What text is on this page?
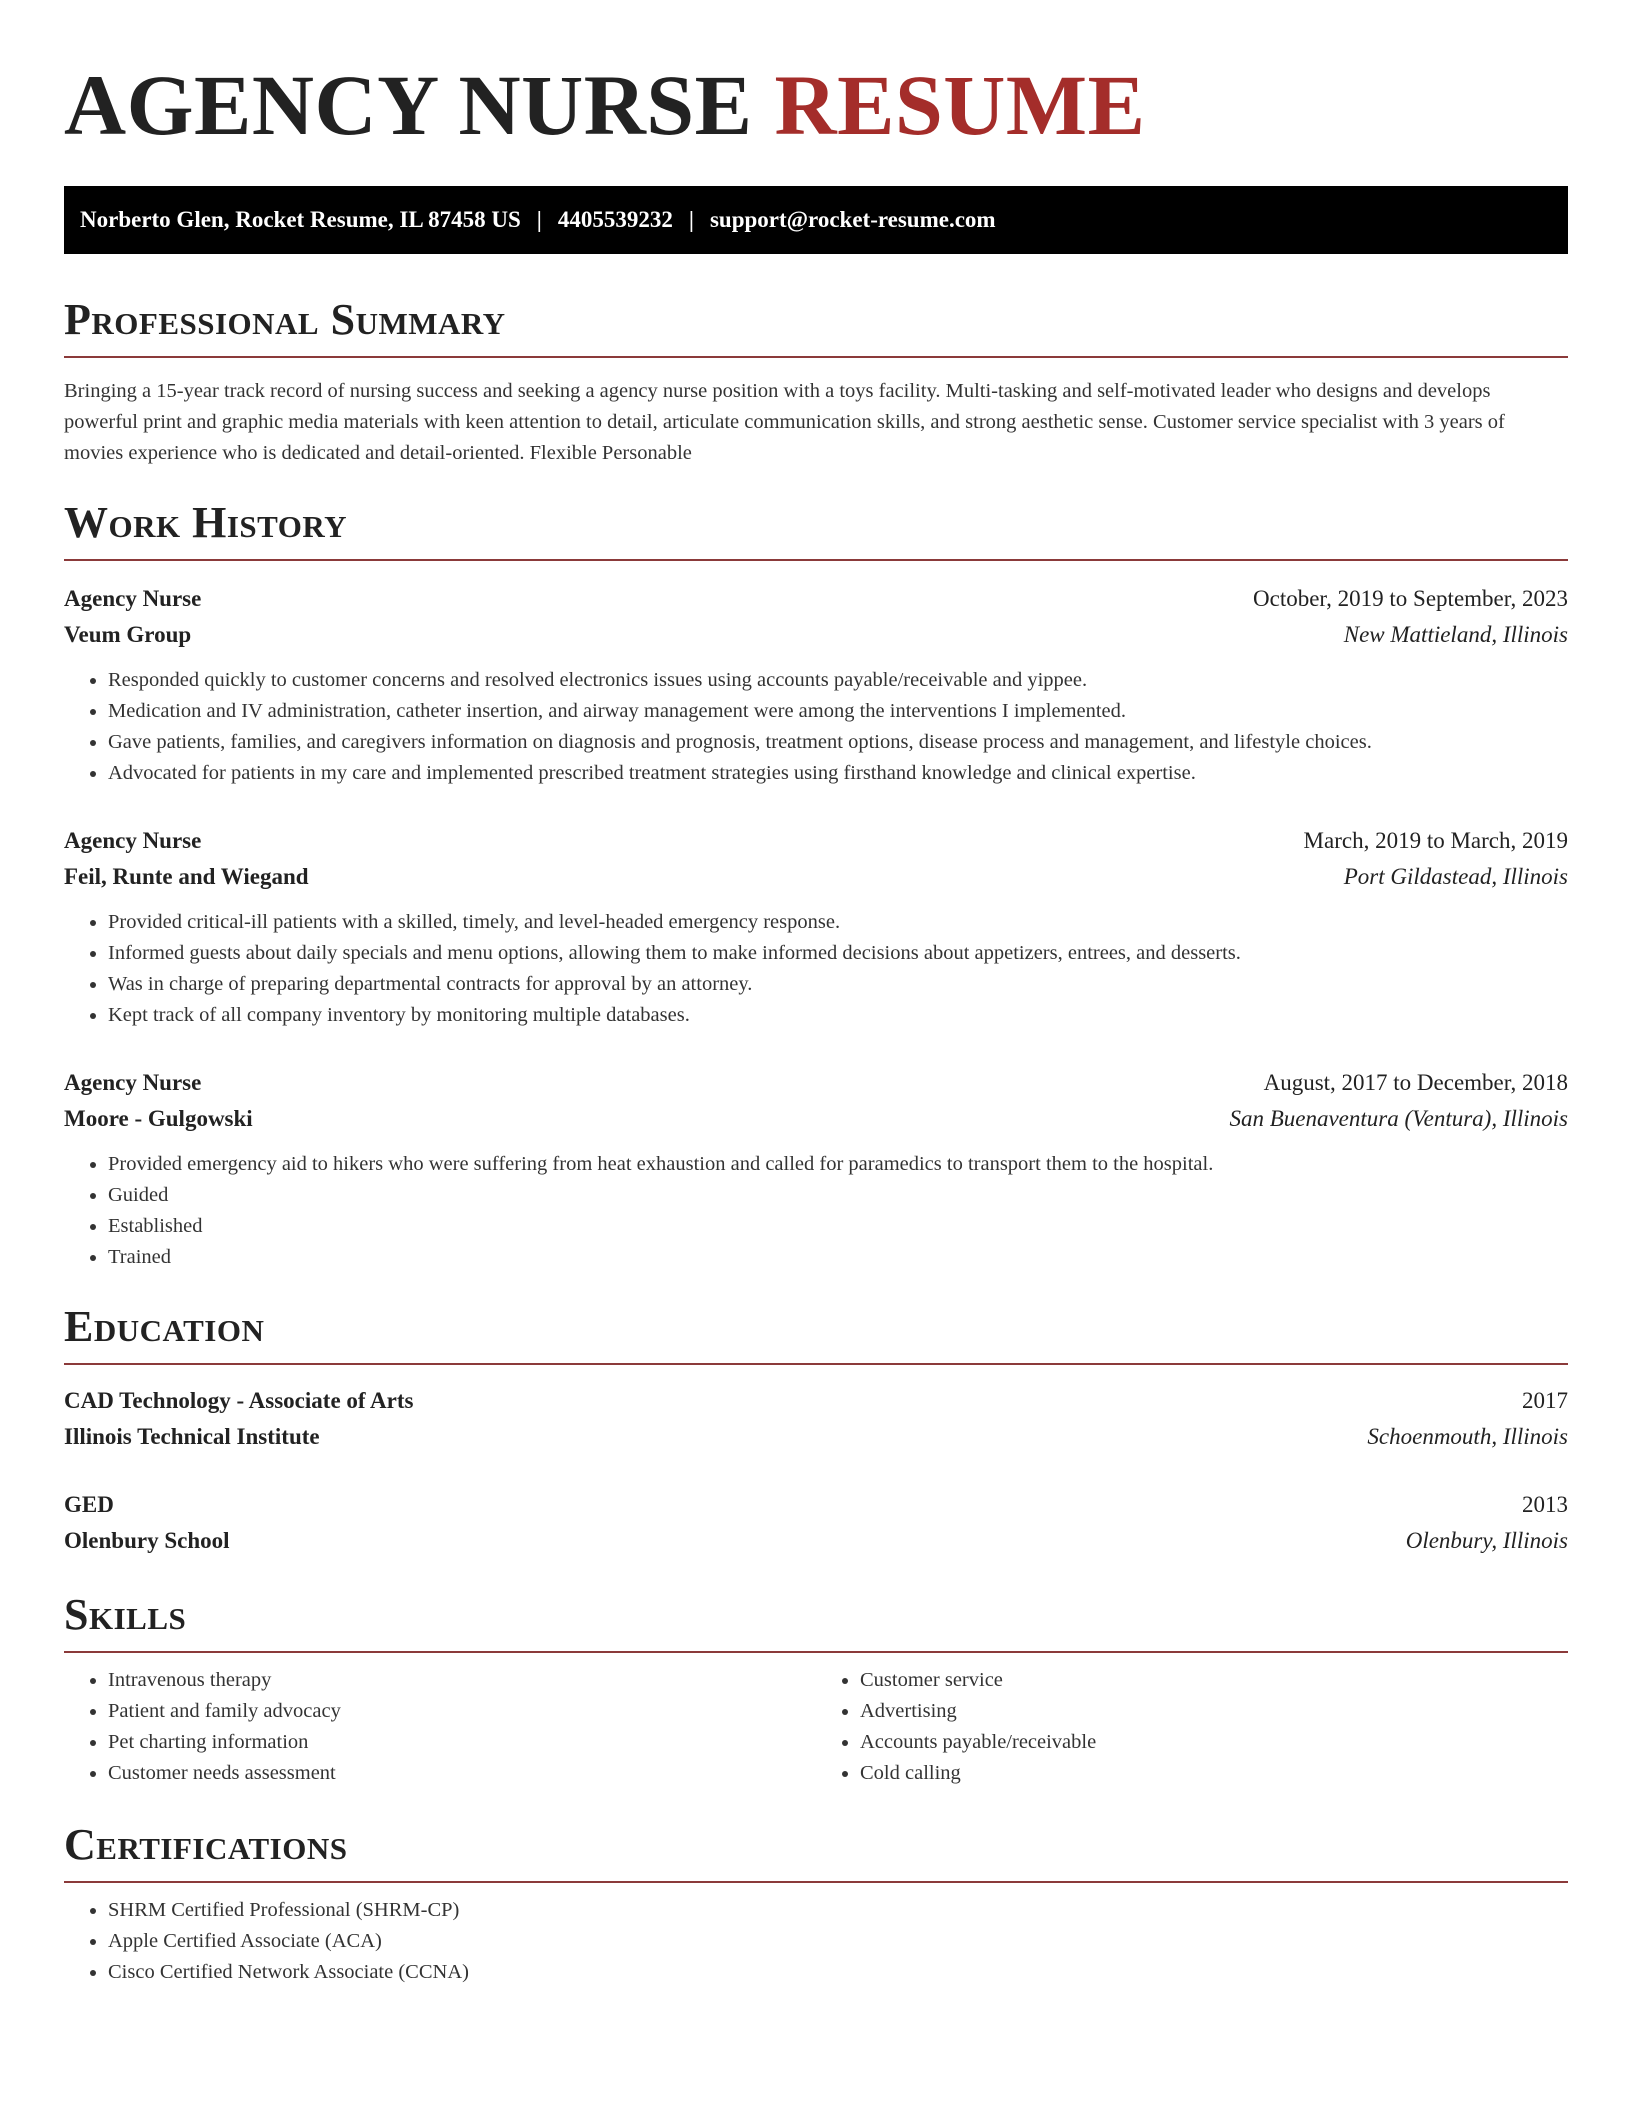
AGENCY NURSE RESUME
Norberto Glen, Rocket Resume, IL 87458 US | 4405539232 | support@rocket-resume.com
Professional Summary

Bringing a 15-year track record of nursing success and seeking a agency nurse position with a toys facility. Multi-tasking and self-motivated leader who designs and develops powerful print and graphic media materials with keen attention to detail, articulate communication skills, and strong aesthetic sense. Customer service specialist with 3 years of movies experience who is dedicated and detail-oriented. Flexible Personable

Work History
Agency Nurse	October, 2019 to September, 2023
Veum Group	New Mattieland, Illinois
• Responded quickly to customer concerns and resolved electronics issues using accounts payable/receivable and yippee.
• Medication and IV administration, catheter insertion, and airway management were among the interventions I implemented.
• Gave patients, families, and caregivers information on diagnosis and prognosis, treatment options, disease process and management, and lifestyle choices.
• Advocated for patients in my care and implemented prescribed treatment strategies using firsthand knowledge and clinical expertise.
Agency Nurse	March, 2019 to March, 2019
Feil, Runte and Wiegand	Port Gildastead, Illinois
• Provided critical-ill patients with a skilled, timely, and level-headed emergency response.
• Informed guests about daily specials and menu options, allowing them to make informed decisions about appetizers, entrees, and desserts.
• Was in charge of preparing departmental contracts for approval by an attorney.
• Kept track of all company inventory by monitoring multiple databases.
Agency Nurse	August, 2017 to December, 2018
Moore - Gulgowski	San Buenaventura (Ventura), Illinois
• Provided emergency aid to hikers who were suffering from heat exhaustion and called for paramedics to transport them to the hospital.
• Guided
• Established
• Trained
Education
CAD Technology - Associate of Arts	2017
Illinois Technical Institute	Schoenmouth, Illinois
GED	2013
Olenbury School	Olenbury, Illinois
Skills
• Intravenous therapy
• Patient and family advocacy
• Pet charting information
• Customer needs assessment
• Customer service
• Advertising
• Accounts payable/receivable
• Cold calling
Certifications
• SHRM Certified Professional (SHRM-CP)
• Apple Certified Associate (ACA)
• Cisco Certified Network Associate (CCNA)
